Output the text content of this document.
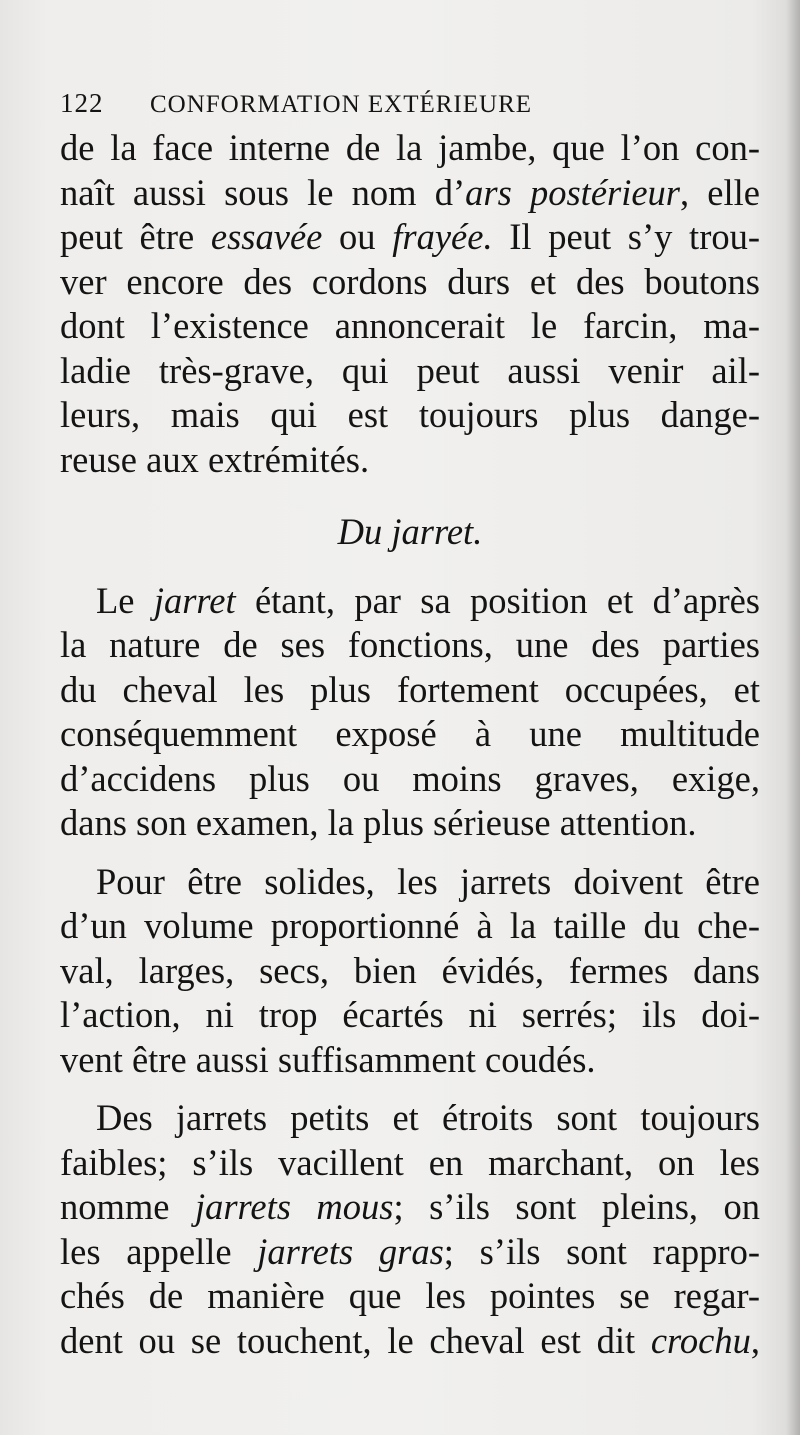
122 CONFORMATION EXTÉRIEURE
de la face interne de la jambe, que l’on con-
naît aussi sous le nom d’ars postérieur, elle
peut être essavée ou frayée. Il peut s’y trou-
ver encore des cordons durs et des boutons
dont l’existence annoncerait le farcin, ma-
ladie très-grave, qui peut aussi venir ail-
leurs, mais qui est toujours plus dange-
reuse aux extrémités.
Du jarret.
Le jarret étant, par sa position et d’après
la nature de ses fonctions, une des parties
du cheval les plus fortement occupées, et
conséquemment exposé à une multitude
d’accidens plus ou moins graves, exige,
dans son examen, la plus sérieuse attention.
Pour être solides, les jarrets doivent être
d’un volume proportionné à la taille du che-
val, larges, secs, bien évidés, fermes dans
l’action, ni trop écartés ni serrés; ils doi-
vent être aussi suffisamment coudés.
Des jarrets petits et étroits sont toujours
faibles; s’ils vacillent en marchant, on les
nomme jarrets mous; s’ils sont pleins, on
les appelle jarrets gras; s’ils sont rappro-
chés de manière que les pointes se regar-
dent ou se touchent, le cheval est dit crochu,
